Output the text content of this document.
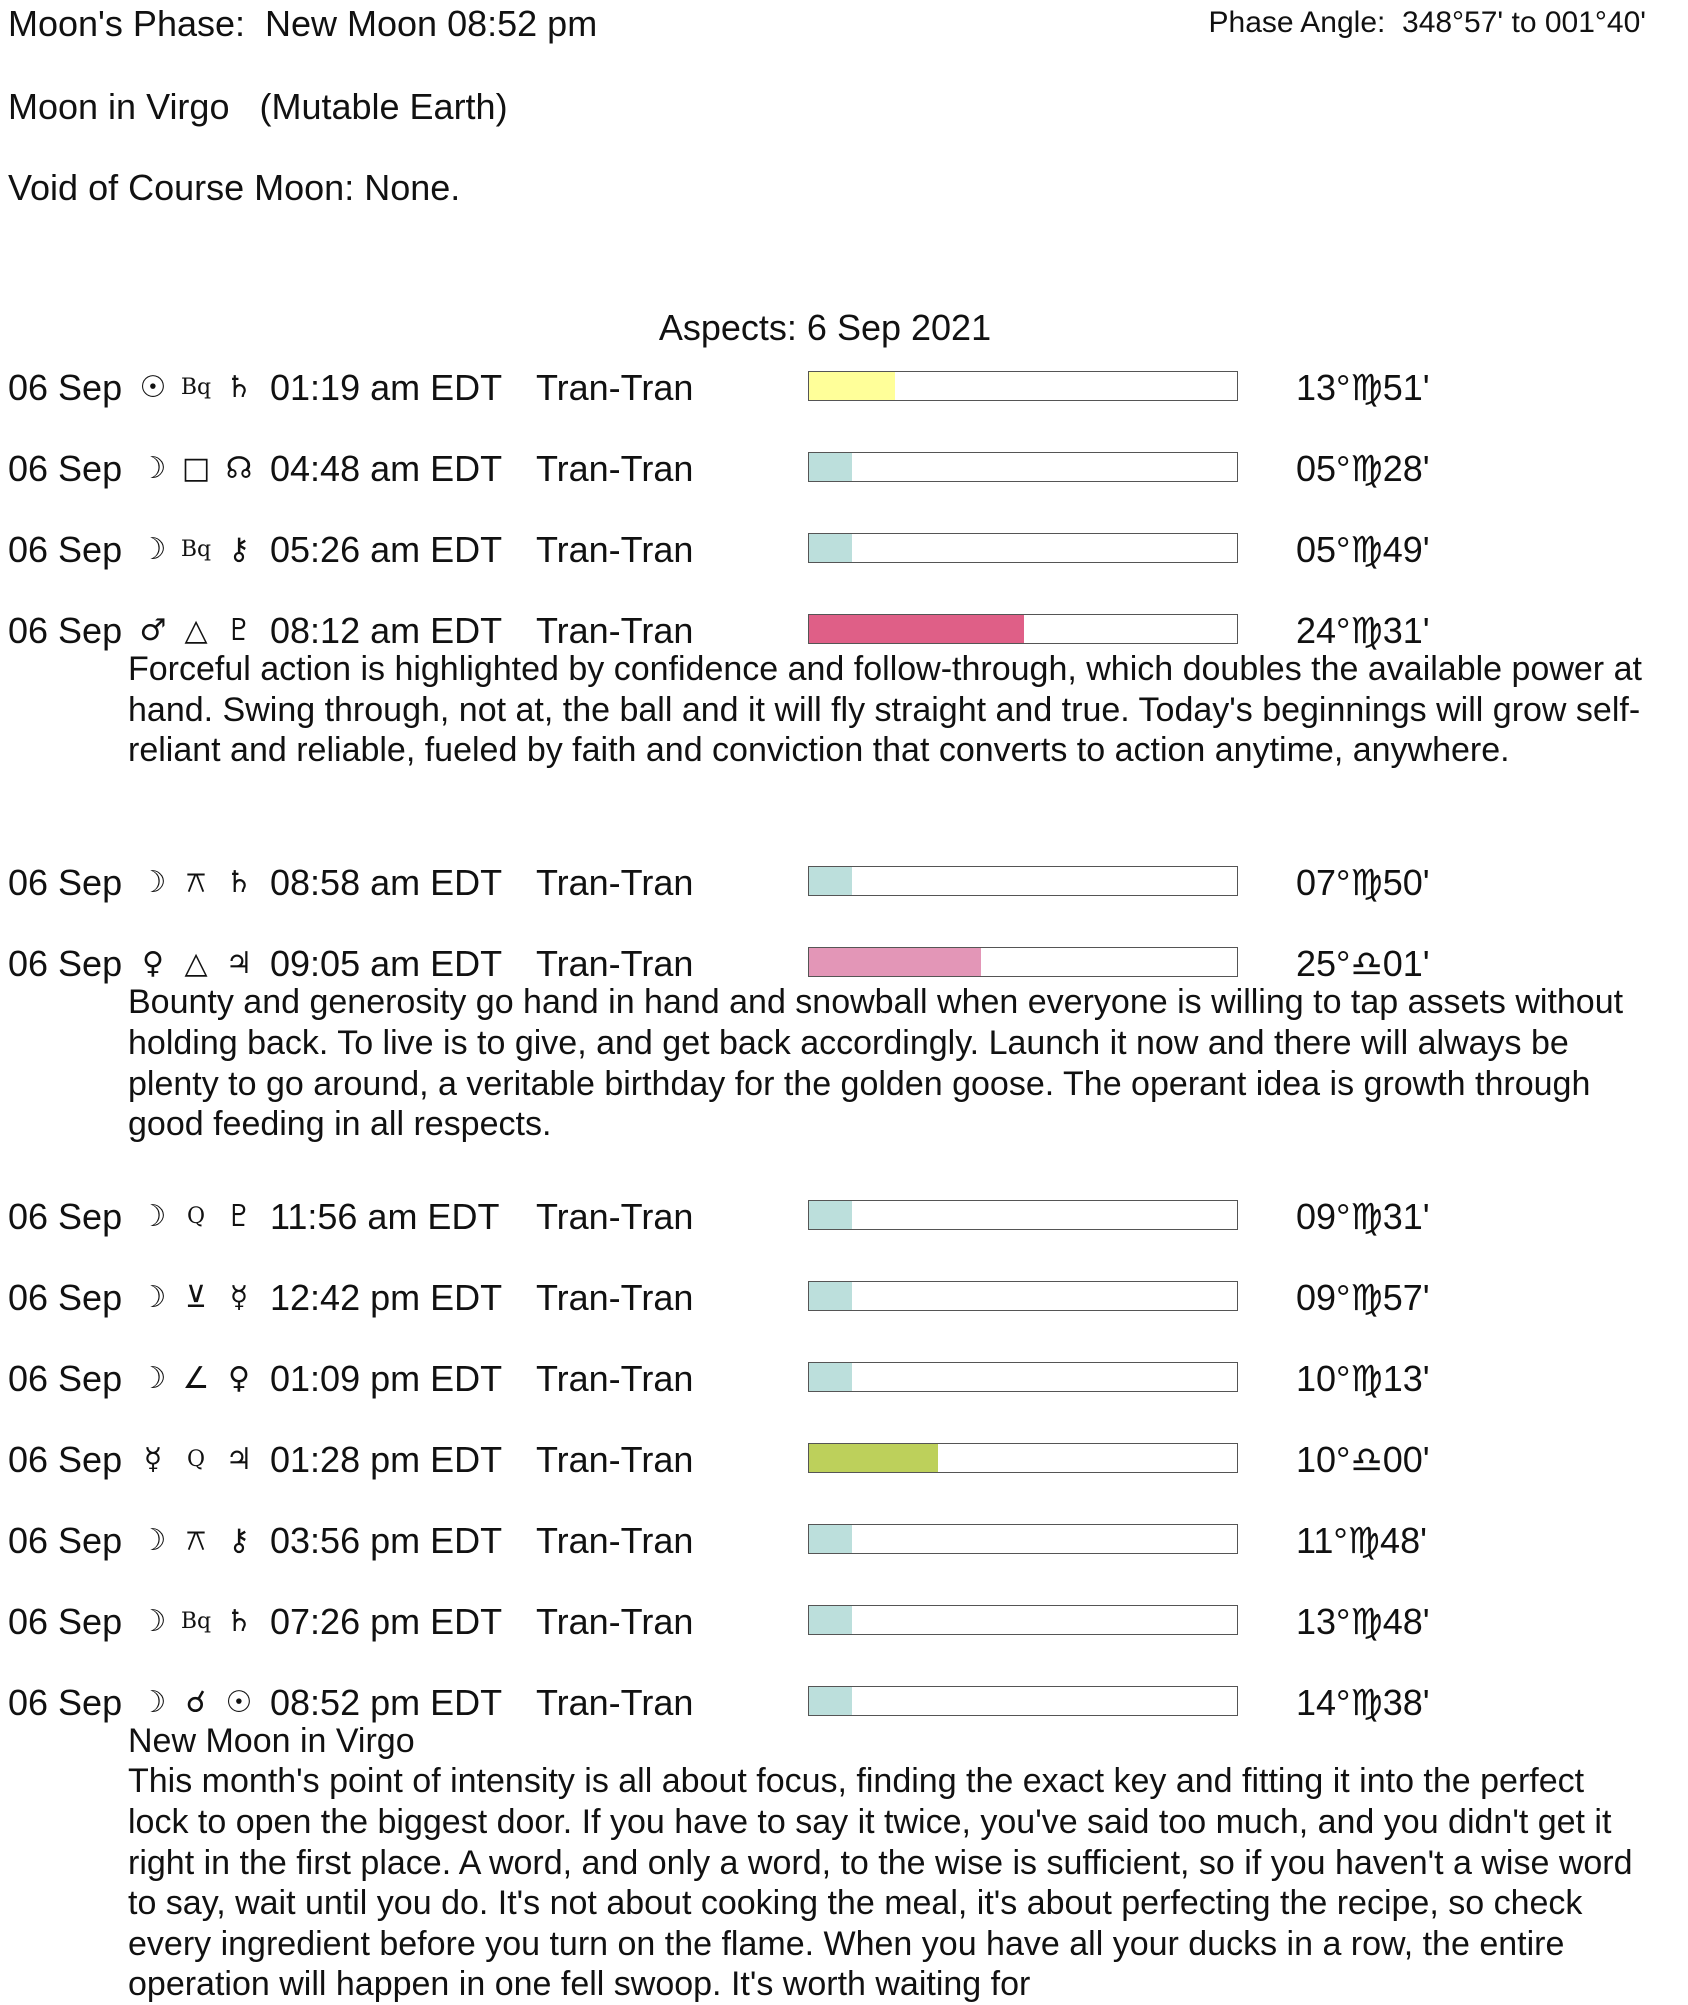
Moon's Phase:  New Moon 08:52 pm	Phase Angle:  348°57' to 001°40'
Moon in Virgo   (Mutable Earth)
Void of Course Moon: None.
Aspects: 6 Sep 2021
06 Sep ☉ Bq ♄ 01:19 am EDT Tran-Tran	13°♍51'
06 Sep ☽ □ ☊ 04:48 am EDT Tran-Tran	05°♍28'
06 Sep ☽ Bq ⚷ 05:26 am EDT Tran-Tran	05°♍49'
06 Sep ♂ △ ♇ 08:12 am EDT Tran-Tran	24°♍31'

Forceful action is highlighted by confidence and follow-through, which doubles the available power at hand. Swing through, not at, the ball and it will fly straight and true. Today's beginnings will grow self-reliant and reliable, fueled by faith and conviction that converts to action anytime, anywhere.

06 Sep ☽ ⚻ ♄ 08:58 am EDT Tran-Tran	07°♍50'
06 Sep ♀ △ ♃ 09:05 am EDT Tran-Tran	25°♎01'

Bounty and generosity go hand in hand and snowball when everyone is willing to tap assets without holding back. To live is to give, and get back accordingly. Launch it now and there will always be plenty to go around, a veritable birthday for the golden goose. The operant idea is growth through good feeding in all respects.

06 Sep ☽ Q ♇ 11:56 am EDT Tran-Tran	09°♍31'
06 Sep ☽ ⊻ ☿ 12:42 pm EDT Tran-Tran	09°♍57'
06 Sep ☽ ∠ ♀ 01:09 pm EDT Tran-Tran	10°♍13'
06 Sep ☿	Q ♃ 01:28 pm EDT Tran-Tran	10°♎00'
06 Sep ☽ ⚻ ⚷ 03:56 pm EDT Tran-Tran	11°♍48'
06 Sep ☽ Bq ♄ 07:26 pm EDT Tran-Tran	13°♍48'
06 Sep ☽ ☌ ☉ 08:52 pm EDT Tran-Tran	14°♍38'

New Moon in Virgo

This month's point of intensity is all about focus, finding the exact key and fitting it into the perfect lock to open the biggest door. If you have to say it twice, you've said too much, and you didn't get it right in the first place. A word, and only a word, to the wise is sufficient, so if you haven't a wise word to say, wait until you do. It's not about cooking the meal, it's about perfecting the recipe, so check every ingredient before you turn on the flame. When you have all your ducks in a row, the entire operation will happen in one fell swoop. It's worth waiting for
